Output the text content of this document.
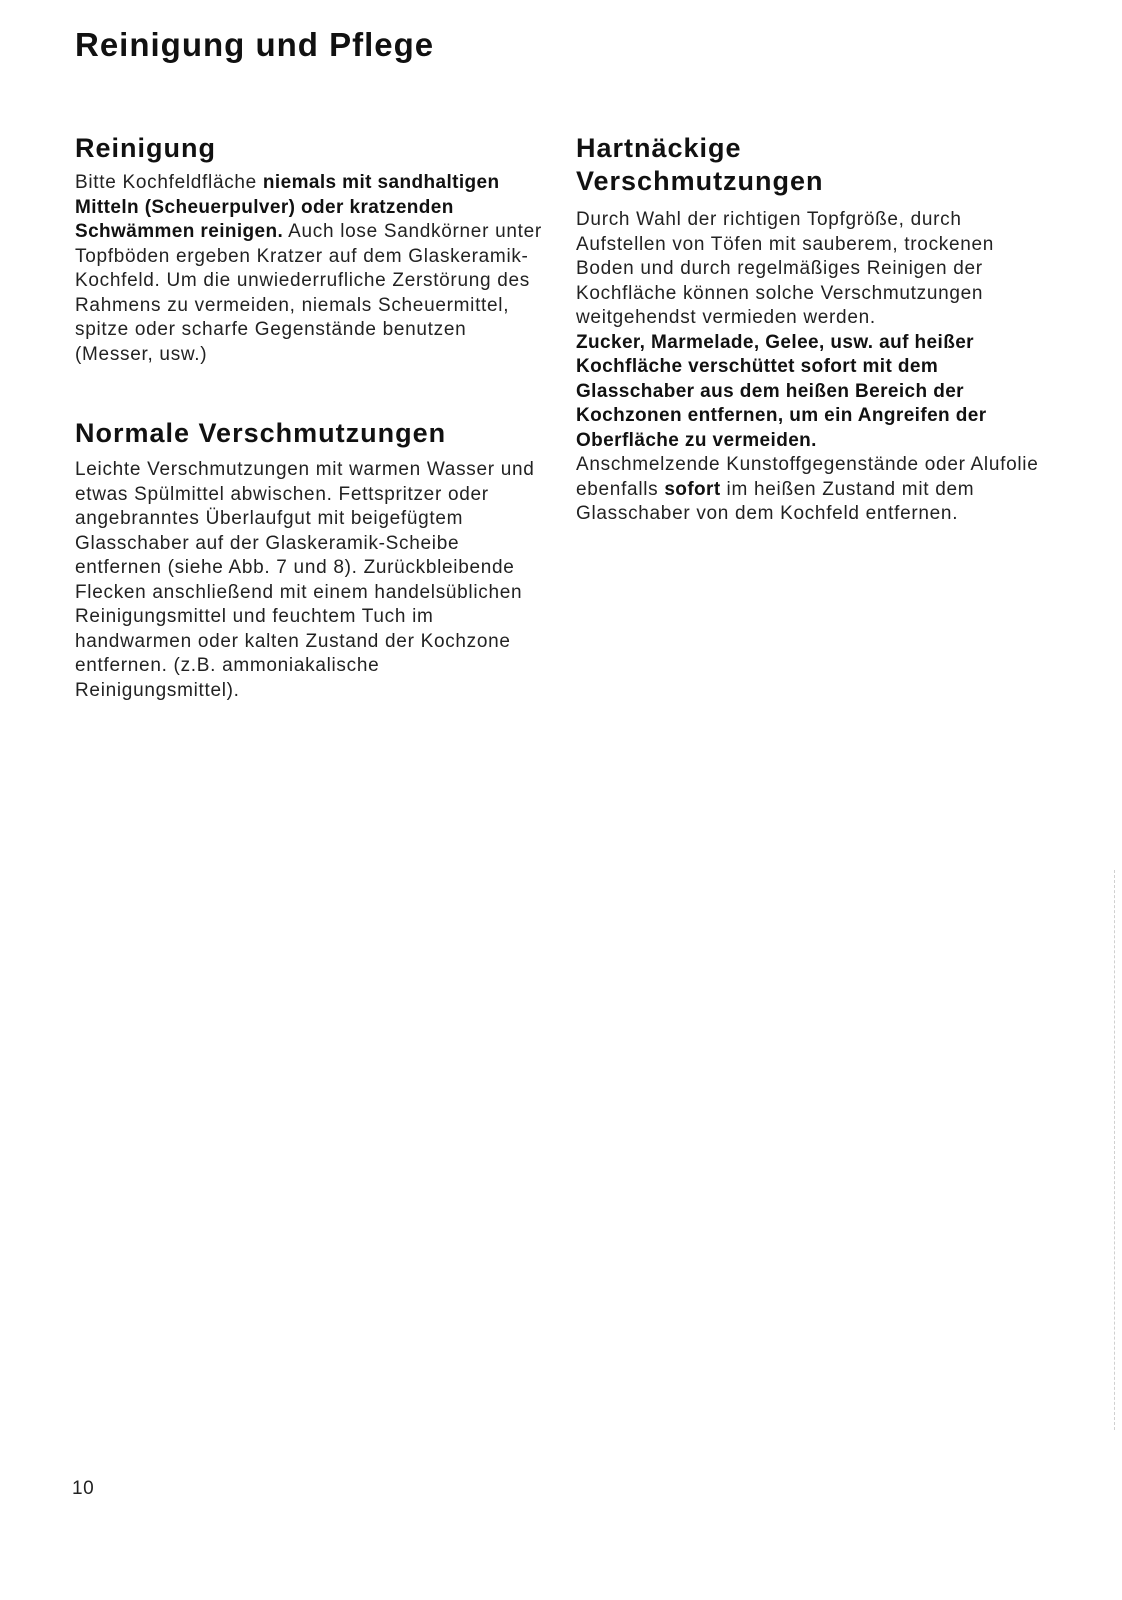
Reinigung und Pflege
Reinigung

Bitte Kochfeldfläche niemals mit sandhaltigen Mitteln (Scheuerpulver) oder kratzenden Schwämmen reinigen. Auch lose Sandkörner unter Topfböden ergeben Kratzer auf dem Glaskeramik-Kochfeld. Um die unwiederrufliche Zerstörung des Rahmens zu vermeiden, niemals Scheuermittel, spitze oder scharfe Gegenstände benutzen (Messer, usw.)

Normale Verschmutzungen

Leichte Verschmutzungen mit warmen Wasser und etwas Spülmittel abwischen. Fettspritzer oder angebranntes Überlaufgut mit beigefügtem Glasschaber auf der Glaskeramik-Scheibe entfernen (siehe Abb. 7 und 8). Zurückbleibende Flecken anschließend mit einem handelsüblichen Reinigungsmittel und feuchtem Tuch im handwarmen oder kalten Zustand der Kochzone entfernen. (z.B. ammoniakalische Reinigungsmittel).

Hartnäckige
Verschmutzungen

Durch Wahl der richtigen Topfgröße, durch Aufstellen von Töfen mit sauberem, trockenen Boden und durch regelmäßiges Reinigen der Kochfläche können solche Verschmutzungen weitgehendst vermieden werden.

Zucker, Marmelade, Gelee, usw. auf heißer Kochfläche verschüttet sofort mit dem Glasschaber aus dem heißen Bereich der Kochzonen entfernen, um ein Angreifen der Oberfläche zu vermeiden.

Anschmelzende Kunstoffgegenstände oder Alufolie ebenfalls sofort im heißen Zustand mit dem Glasschaber von dem Kochfeld entfernen.

10
